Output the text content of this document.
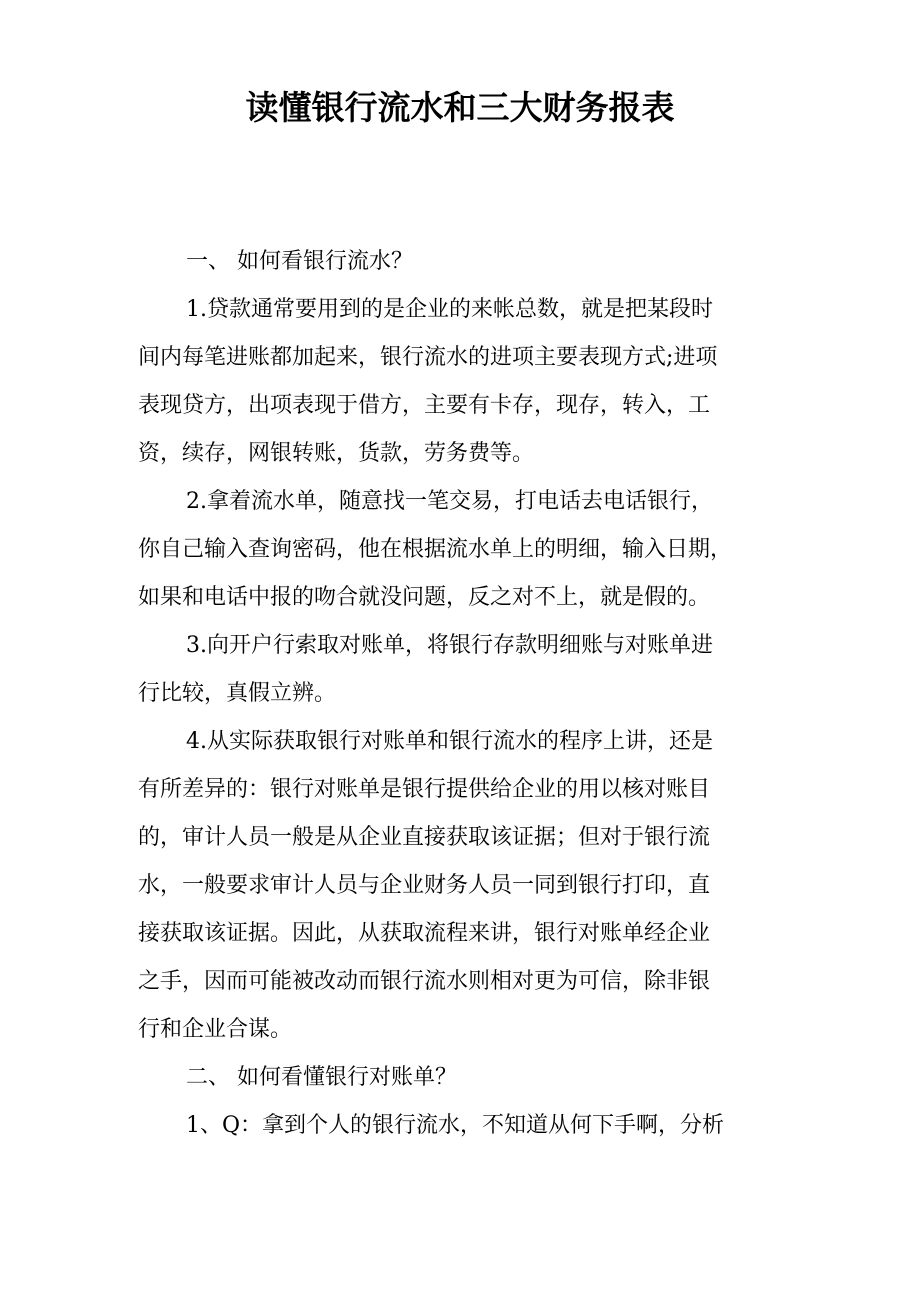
读懂银行流水和三大财务报表
一、 如何看银行流水？
1.贷款通常要用到的是企业的来帐总数，就是把某段时
间内每笔进账都加起来，银行流水的进项主要表现方式;进项
表现贷方，出项表现于借方，主要有卡存，现存，转入，工
资，续存，网银转账，货款，劳务费等。
2.拿着流水单，随意找一笔交易，打电话去电话银行，
你自己输入查询密码，他在根据流水单上的明细，输入日期，
如果和电话中报的吻合就没问题，反之对不上，就是假的。
3.向开户行索取对账单，将银行存款明细账与对账单进
行比较，真假立辨。
4.从实际获取银行对账单和银行流水的程序上讲，还是
有所差异的：银行对账单是银行提供给企业的用以核对账目
的，审计人员一般是从企业直接获取该证据；但对于银行流
水，一般要求审计人员与企业财务人员一同到银行打印，直
接获取该证据。因此，从获取流程来讲，银行对账单经企业
之手，因而可能被改动而银行流水则相对更为可信，除非银
行和企业合谋。
二、 如何看懂银行对账单？
1、Q：拿到个人的银行流水，不知道从何下手啊，分析
